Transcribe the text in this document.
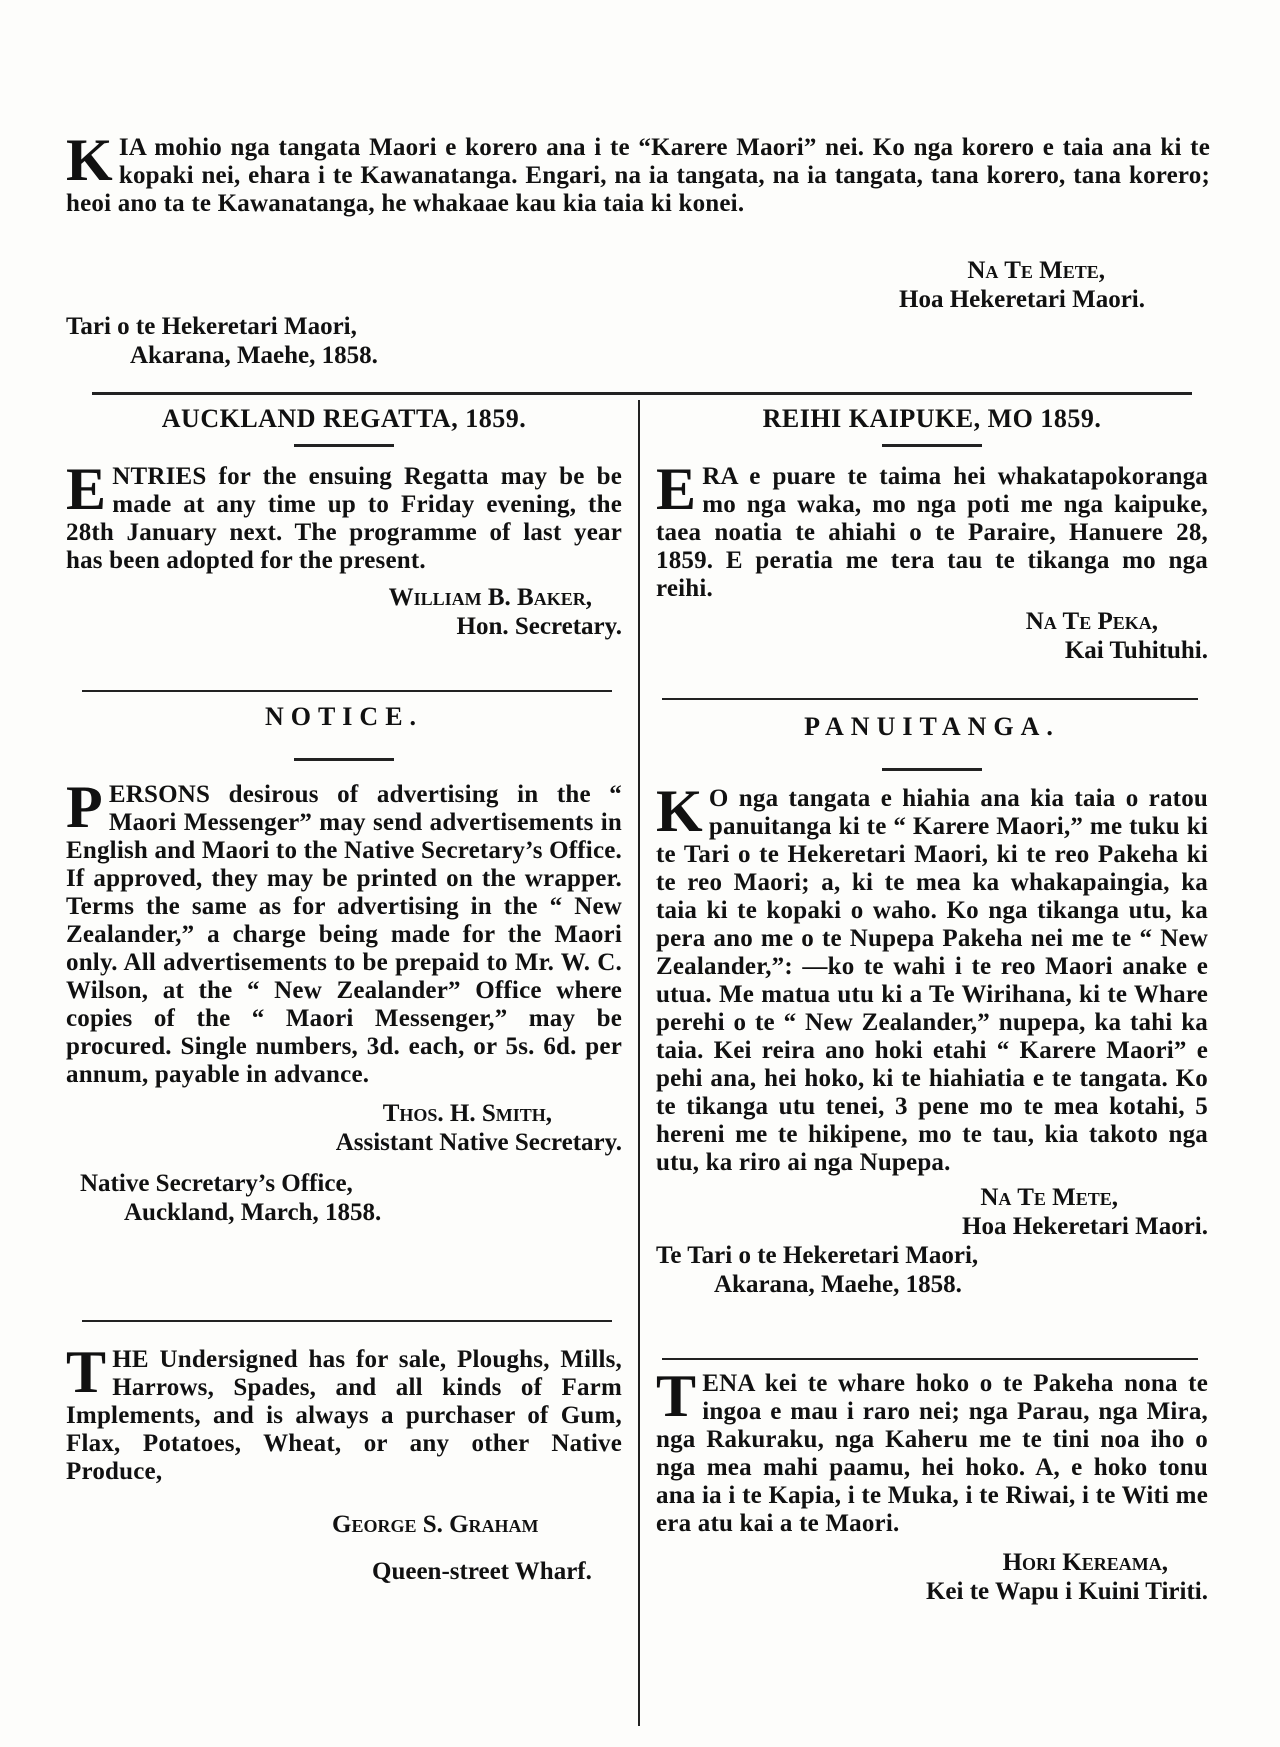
K IA mohio nga tangata Maori e korero ana i te “Karere Maori” nei. Ko nga korero e taia ana ki te kopaki nei, ehara i te Kawanatanga. Engari, na ia tangata, na ia tangata, tana korero, tana korero; heoi ano ta te Kawanatanga, he whakaae kau kia taia ki konei.
Na Te Mete,
Hoa Hekeretari Maori.
Tari o te Hekeretari Maori,
Akarana, Maehe, 1858.
AUCKLAND REGATTA, 1859.
E NTRIES for the ensuing Regatta may be be made at any time up to Friday evening, the 28th January next. The programme of last year has been adopted for the present.
William B. Baker,
Hon. Secretary.
NOTICE.
P ERSONS desirous of advertising in the “ Maori Messenger” may send advertisements in English and Maori to the Native Secretary’s Office. If approved, they may be printed on the wrapper. Terms the same as for advertising in the “ New Zealander,” a charge being made for the Maori only. All advertisements to be prepaid to Mr. W. C. Wilson, at the “ New Zealander” Office where copies of the “ Maori Messenger,” may be procured. Single numbers, 3d. each, or 5s. 6d. per annum, payable in advance.
Thos. H. Smith,
Assistant Native Secretary.
Native Secretary’s Office,
Auckland, March, 1858.
T HE Undersigned has for sale, Ploughs, Mills, Harrows, Spades, and all kinds of Farm Implements, and is always a purchaser of Gum, Flax, Potatoes, Wheat, or any other Native Produce,
George S. Graham
Queen-street Wharf.
REIHI KAIPUKE, MO 1859.
E RA e puare te taima hei whakatapokoranga mo nga waka, mo nga poti me nga kaipuke, taea noatia te ahiahi o te Paraire, Hanuere 28, 1859. E peratia me tera tau te tikanga mo nga reihi.
Na Te Peka,
Kai Tuhituhi.
PANUITANGA.
K O nga tangata e hiahia ana kia taia o ratou panuitanga ki te “ Karere Maori,” me tuku ki te Tari o te Hekeretari Maori, ki te reo Pakeha ki te reo Maori; a, ki te mea ka whakapaingia, ka taia ki te kopaki o waho. Ko nga tikanga utu, ka pera ano me o te Nupepa Pakeha nei me te “ New Zealander,”: —ko te wahi i te reo Maori anake e utua. Me matua utu ki a Te Wirihana, ki te Whare perehi o te “ New Zealander,” nupepa, ka tahi ka taia. Kei reira ano hoki etahi “ Karere Maori” e pehi ana, hei hoko, ki te hiahiatia e te tangata. Ko te tikanga utu tenei, 3 pene mo te mea kotahi, 5 hereni me te hikipene, mo te tau, kia takoto nga utu, ka riro ai nga Nupepa.
Na Te Mete,
Hoa Hekeretari Maori.
Te Tari o te Hekeretari Maori,
Akarana, Maehe, 1858.
T ENA kei te whare hoko o te Pakeha nona te ingoa e mau i raro nei; nga Parau, nga Mira, nga Rakuraku, nga Kaheru me te tini noa iho o nga mea mahi paamu, hei hoko. A, e hoko tonu ana ia i te Kapia, i te Muka, i te Riwai, i te Witi me era atu kai a te Maori.
Hori Kereama,
Kei te Wapu i Kuini Tiriti.
